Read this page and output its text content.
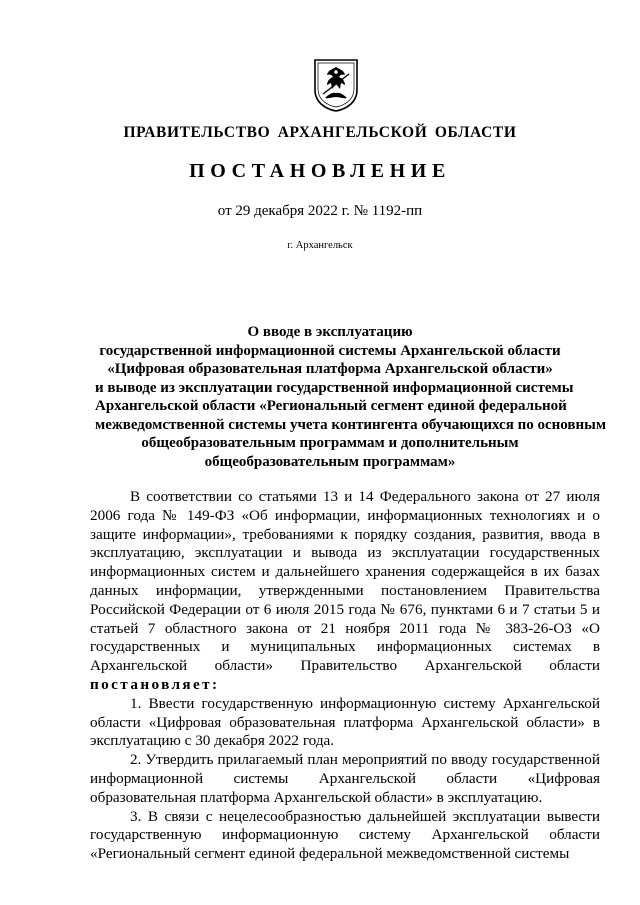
ПРАВИТЕЛЬСТВО АРХАНГЕЛЬСКОЙ ОБЛАСТИ
ПОСТАНОВЛЕНИЕ
от 29 декабря 2022 г. № 1192-пп
г. Архангельск
О вводе в эксплуатацию
государственной информационной системы Архангельской области
«Цифровая образовательная платформа Архангельской области»
и выводе из эксплуатации государственной информационной системы
Архангельской области «Региональный сегмент единой федеральной
межведомственной системы учета контингента обучающихся по основным
общеобразовательным программам и дополнительным
общеобразовательным программам»

В соответствии со статьями 13 и 14 Федерального закона от 27 июля 2006 года № 149-ФЗ «Об информации, информационных технологиях и о защите информации», требованиями к порядку создания, развития, ввода в эксплуатацию, эксплуатации и вывода из эксплуатации государственных информационных систем и дальнейшего хранения содержащейся в их базах данных информации, утвержденными постановлением Правительства Российской Федерации от 6 июля 2015 года № 676, пунктами 6 и 7 статьи 5 и статьей 7 областного закона от 21 ноября 2011 года № 383-26-ОЗ «О государственных и муниципальных информационных системах в Архангельской области» Правительство Архангельской области постановляет:

1. Ввести государственную информационную систему Архангельской области «Цифровая образовательная платформа Архангельской области» в эксплуатацию с 30 декабря 2022 года.

2. Утвердить прилагаемый план мероприятий по вводу государственной информационной системы Архангельской области «Цифровая образовательная платформа Архангельской области» в эксплуатацию.

3. В связи с нецелесообразностью дальнейшей эксплуатации вывести государственную информационную систему Архангельской области «Региональный сегмент единой федеральной межведомственной системы
